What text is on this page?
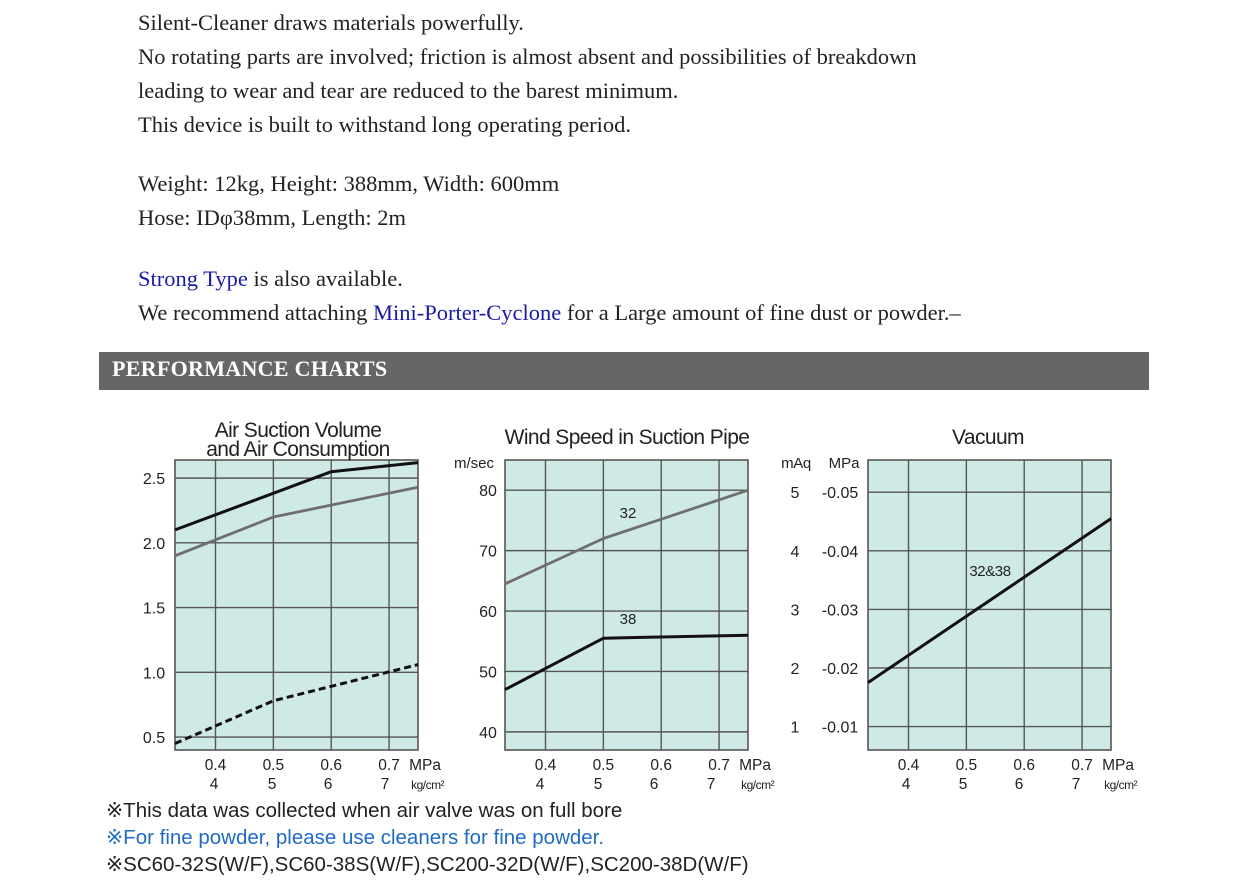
Silent-Cleaner draws materials powerfully.

No rotating parts are involved; friction is almost absent and possibilities of breakdown

leading to wear and tear are reduced to the barest minimum.

This device is built to withstand long operating period.

Weight: 12kg, Height: 388mm, Width: 600mm

Hose: IDφ38mm, Length: 2m

Strong Type is also available.

We recommend attaching Mini-Porter-Cyclone for a Large amount of fine dust or powder.–

PERFORMANCE CHARTS
0.4 0.5 0.6 0.7
4	5	6	7
MPa
kg/cm²
0.4 0.5 0.6 0.7
4	5	6	7
MPa
kg/cm²
0.4 0.5 0.6 0.7
4	5	6	7
MPa
kg/cm²
Air Suction Volume
and Air Consumption
0.5
1.0
1.5
2.0
2.5
Wind Speed in Suction Pipe
m/sec
40
50
60
70
80
32
38
Vacuum
mAq MPa
1 -0.01
2 -0.02
3 -0.03
4 -0.04
5 -0.05
32&38

※This data was collected when air valve was on full bore

※For fine powder, please use cleaners for fine powder.

※SC60-32S(W/F),SC60-38S(W/F),SC200-32D(W/F),SC200-38D(W/F)
